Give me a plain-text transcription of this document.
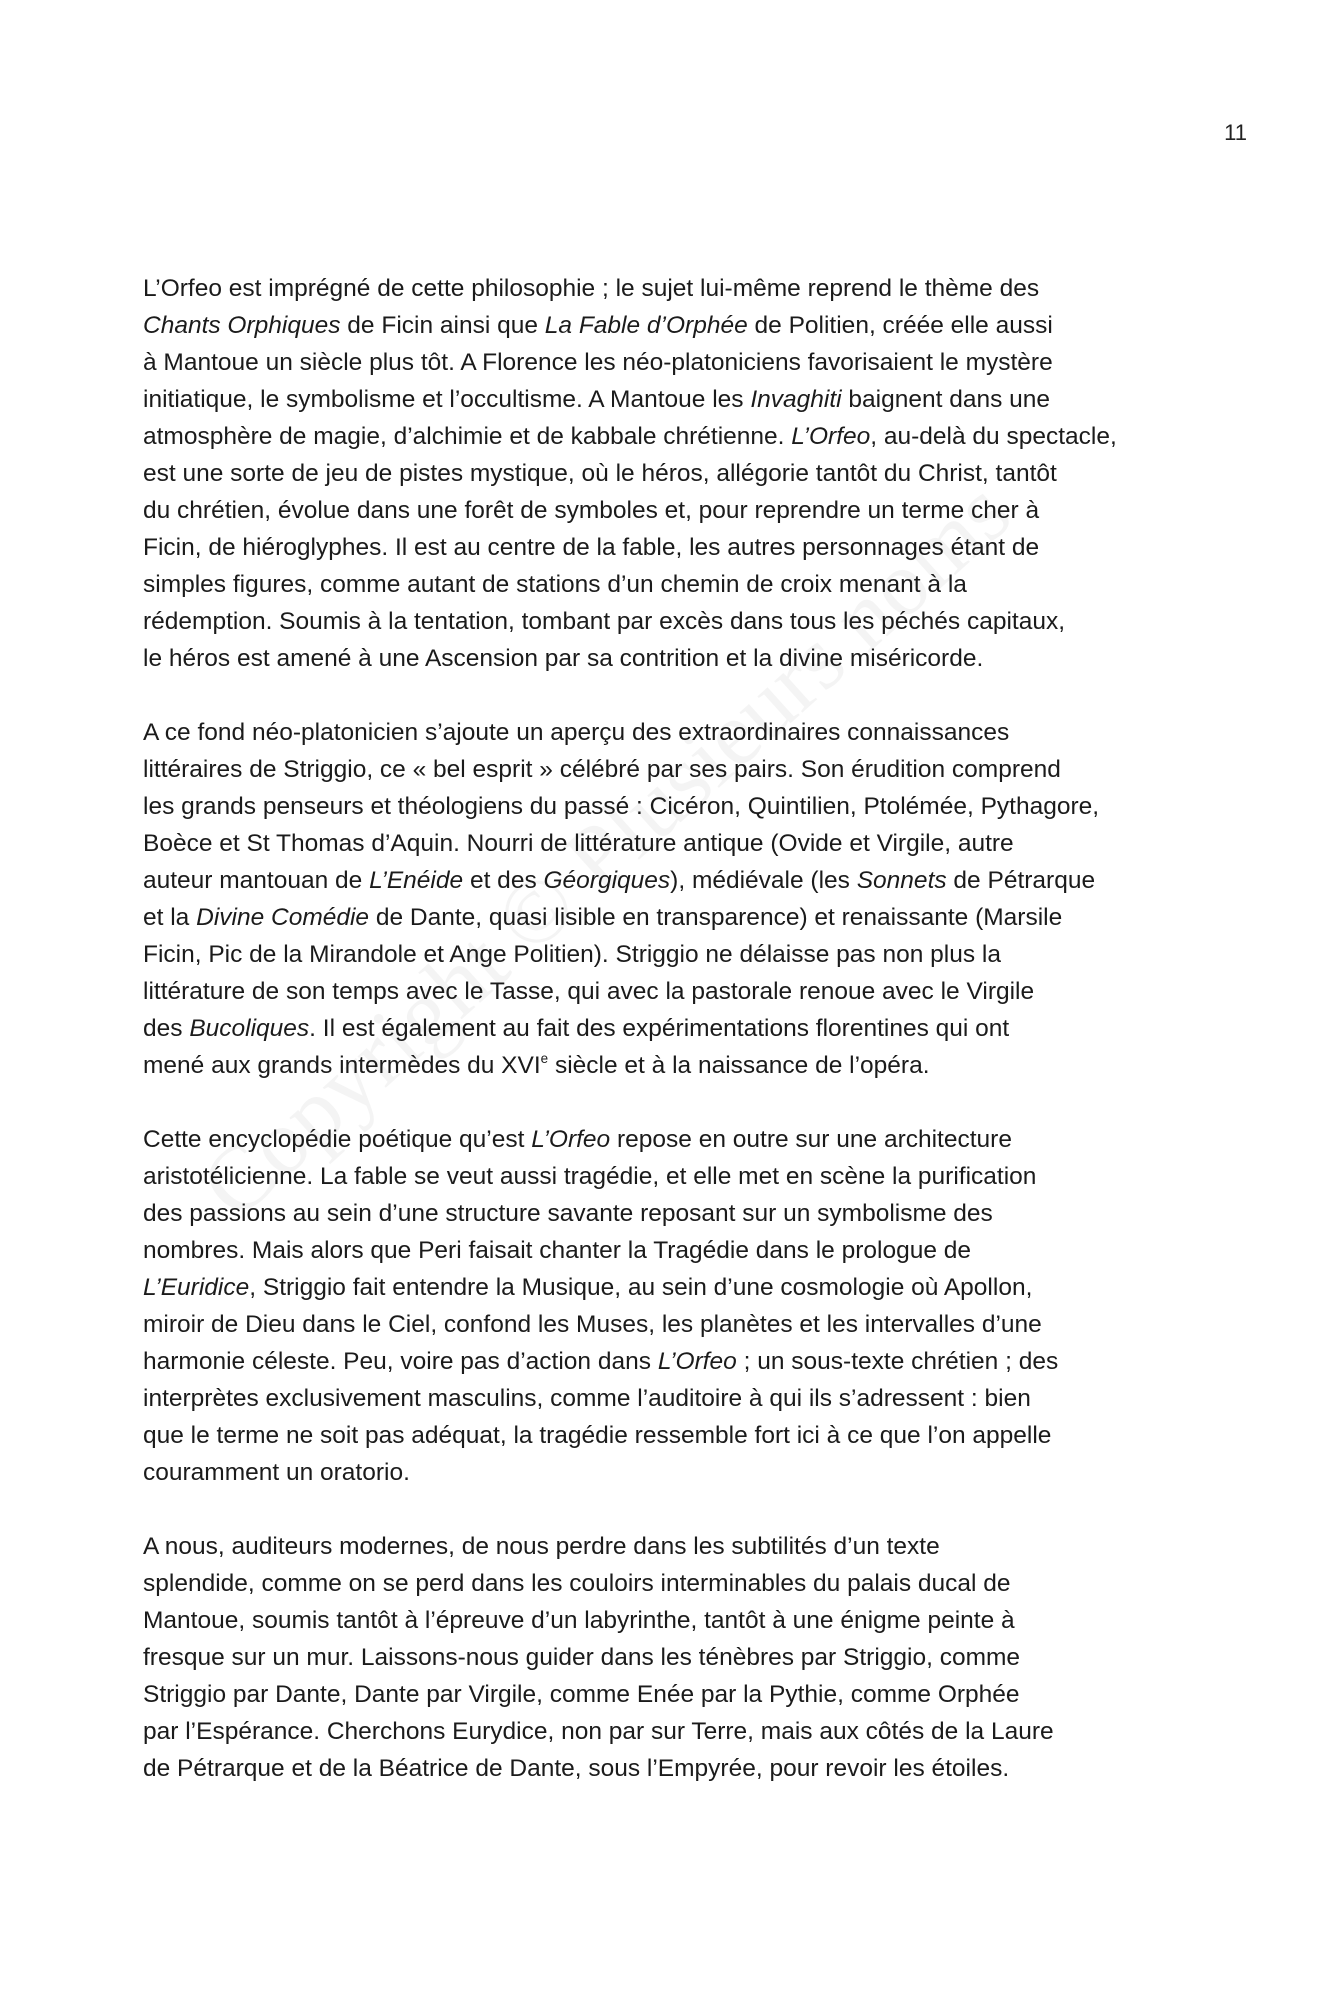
11

L’Orfeo est imprégné de cette philosophie ; le sujet lui-même reprend le thème des
Chants Orphiques de Ficin ainsi que La Fable d’Orphée de Politien, créée elle aussi
à Mantoue un siècle plus tôt. A Florence les néo-platoniciens favorisaient le mystère
initiatique, le symbolisme et l’occultisme. A Mantoue les Invaghiti baignent dans une
atmosphère de magie, d’alchimie et de kabbale chrétienne. L’Orfeo, au-delà du spectacle,
est une sorte de jeu de pistes mystique, où le héros, allégorie tantôt du Christ, tantôt
du chrétien, évolue dans une forêt de symboles et, pour reprendre un terme cher à
Ficin, de hiéroglyphes. Il est au centre de la fable, les autres personnages étant de
simples figures, comme autant de stations d’un chemin de croix menant à la
rédemption. Soumis à la tentation, tombant par excès dans tous les péchés capitaux,
le héros est amené à une Ascension par sa contrition et la divine miséricorde.

A ce fond néo-platonicien s’ajoute un aperçu des extraordinaires connaissances
littéraires de Striggio, ce « bel esprit » célébré par ses pairs. Son érudition comprend
les grands penseurs et théologiens du passé : Cicéron, Quintilien, Ptolémée, Pythagore,
Boèce et St Thomas d’Aquin. Nourri de littérature antique (Ovide et Virgile, autre
auteur mantouan de L’Enéide et des Géorgiques), médiévale (les Sonnets de Pétrarque
et la Divine Comédie de Dante, quasi lisible en transparence) et renaissante (Marsile
Ficin, Pic de la Mirandole et Ange Politien). Striggio ne délaisse pas non plus la
littérature de son temps avec le Tasse, qui avec la pastorale renoue avec le Virgile
des Bucoliques. Il est également au fait des expérimentations florentines qui ont
mené aux grands intermèdes du XVIe siècle et à la naissance de l’opéra.

Cette encyclopédie poétique qu’est L’Orfeo repose en outre sur une architecture
aristotélicienne. La fable se veut aussi tragédie, et elle met en scène la purification
des passions au sein d’une structure savante reposant sur un symbolisme des
nombres. Mais alors que Peri faisait chanter la Tragédie dans le prologue de
L’Euridice, Striggio fait entendre la Musique, au sein d’une cosmologie où Apollon,
miroir de Dieu dans le Ciel, confond les Muses, les planètes et les intervalles d’une
harmonie céleste. Peu, voire pas d’action dans L’Orfeo ; un sous-texte chrétien ; des
interprètes exclusivement masculins, comme l’auditoire à qui ils s’adressent : bien
que le terme ne soit pas adéquat, la tragédie ressemble fort ici à ce que l’on appelle
couramment un oratorio.

A nous, auditeurs modernes, de nous perdre dans les subtilités d’un texte
splendide, comme on se perd dans les couloirs interminables du palais ducal de
Mantoue, soumis tantôt à l’épreuve d’un labyrinthe, tantôt à une énigme peinte à
fresque sur un mur. Laissons-nous guider dans les ténèbres par Striggio, comme
Striggio par Dante, Dante par Virgile, comme Enée par la Pythie, comme Orphée
par l’Espérance. Cherchons Eurydice, non par sur Terre, mais aux côtés de la Laure
de Pétrarque et de la Béatrice de Dante, sous l’Empyrée, pour revoir les étoiles.
